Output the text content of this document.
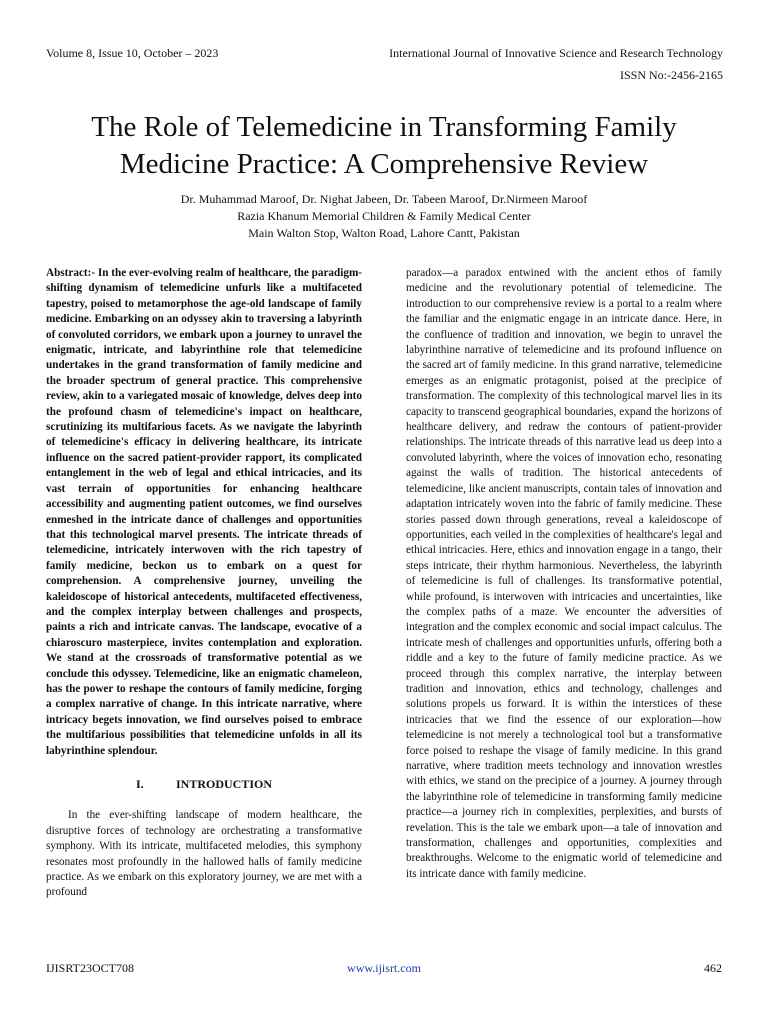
Volume 8, Issue 10, October – 2023	International Journal of Innovative Science and Research Technology
ISSN No:-2456-2165
The Role of Telemedicine in Transforming Family Medicine Practice: A Comprehensive Review
Dr. Muhammad Maroof, Dr. Nighat Jabeen, Dr. Tabeen Maroof, Dr.Nirmeen Maroof
Razia Khanum Memorial Children & Family Medical Center
Main Walton Stop, Walton Road, Lahore Cantt, Pakistan

Abstract:- In the ever-evolving realm of healthcare, the paradigm-shifting dynamism of telemedicine unfurls like a multifaceted tapestry, poised to metamorphose the age-old landscape of family medicine. Embarking on an odyssey akin to traversing a labyrinth of convoluted corridors, we embark upon a journey to unravel the enigmatic, intricate, and labyrinthine role that telemedicine undertakes in the grand transformation of family medicine and the broader spectrum of general practice. This comprehensive review, akin to a variegated mosaic of knowledge, delves deep into the profound chasm of telemedicine's impact on healthcare, scrutinizing its multifarious facets. As we navigate the labyrinth of telemedicine's efficacy in delivering healthcare, its intricate influence on the sacred patient-provider rapport, its complicated entanglement in the web of legal and ethical intricacies, and its vast terrain of opportunities for enhancing healthcare accessibility and augmenting patient outcomes, we find ourselves enmeshed in the intricate dance of challenges and opportunities that this technological marvel presents. The intricate threads of telemedicine, intricately interwoven with the rich tapestry of family medicine, beckon us to embark on a quest for comprehension. A comprehensive journey, unveiling the kaleidoscope of historical antecedents, multifaceted effectiveness, and the complex interplay between challenges and prospects, paints a rich and intricate canvas. The landscape, evocative of a chiaroscuro masterpiece, invites contemplation and exploration. We stand at the crossroads of transformative potential as we conclude this odyssey. Telemedicine, like an enigmatic chameleon, has the power to reshape the contours of family medicine, forging a complex narrative of change. In this intricate narrative, where intricacy begets innovation, we find ourselves poised to embrace the multifarious possibilities that telemedicine unfolds in all its labyrinthine splendour.

I.	INTRODUCTION

In the ever-shifting landscape of modern healthcare, the disruptive forces of technology are orchestrating a transformative symphony. With its intricate, multifaceted melodies, this symphony resonates most profoundly in the hallowed halls of family medicine practice. As we embark on this exploratory journey, we are met with a profound

paradox—a paradox entwined with the ancient ethos of family medicine and the revolutionary potential of telemedicine. The introduction to our comprehensive review is a portal to a realm where the familiar and the enigmatic engage in an intricate dance. Here, in the confluence of tradition and innovation, we begin to unravel the labyrinthine narrative of telemedicine and its profound influence on the sacred art of family medicine. In this grand narrative, telemedicine emerges as an enigmatic protagonist, poised at the precipice of transformation. The complexity of this technological marvel lies in its capacity to transcend geographical boundaries, expand the horizons of healthcare delivery, and redraw the contours of patient-provider relationships. The intricate threads of this narrative lead us deep into a convoluted labyrinth, where the voices of innovation echo, resonating against the walls of tradition. The historical antecedents of telemedicine, like ancient manuscripts, contain tales of innovation and adaptation intricately woven into the fabric of family medicine. These stories passed down through generations, reveal a kaleidoscope of opportunities, each veiled in the complexities of healthcare's legal and ethical intricacies. Here, ethics and innovation engage in a tango, their steps intricate, their rhythm harmonious. Nevertheless, the labyrinth of telemedicine is full of challenges. Its transformative potential, while profound, is interwoven with intricacies and uncertainties, like the complex paths of a maze. We encounter the adversities of integration and the complex economic and social impact calculus. The intricate mesh of challenges and opportunities unfurls, offering both a riddle and a key to the future of family medicine practice. As we proceed through this complex narrative, the interplay between tradition and innovation, ethics and technology, challenges and solutions propels us forward. It is within the interstices of these intricacies that we find the essence of our exploration—how telemedicine is not merely a technological tool but a transformative force poised to reshape the visage of family medicine. In this grand narrative, where tradition meets technology and innovation wrestles with ethics, we stand on the precipice of a journey. A journey through the labyrinthine role of telemedicine in transforming family medicine practice—a journey rich in complexities, perplexities, and bursts of revelation. This is the tale we embark upon—a tale of innovation and transformation, challenges and opportunities, complexities and breakthroughs. Welcome to the enigmatic world of telemedicine and its intricate dance with family medicine.

IJISRT23OCT708	www.ijisrt.com	462
